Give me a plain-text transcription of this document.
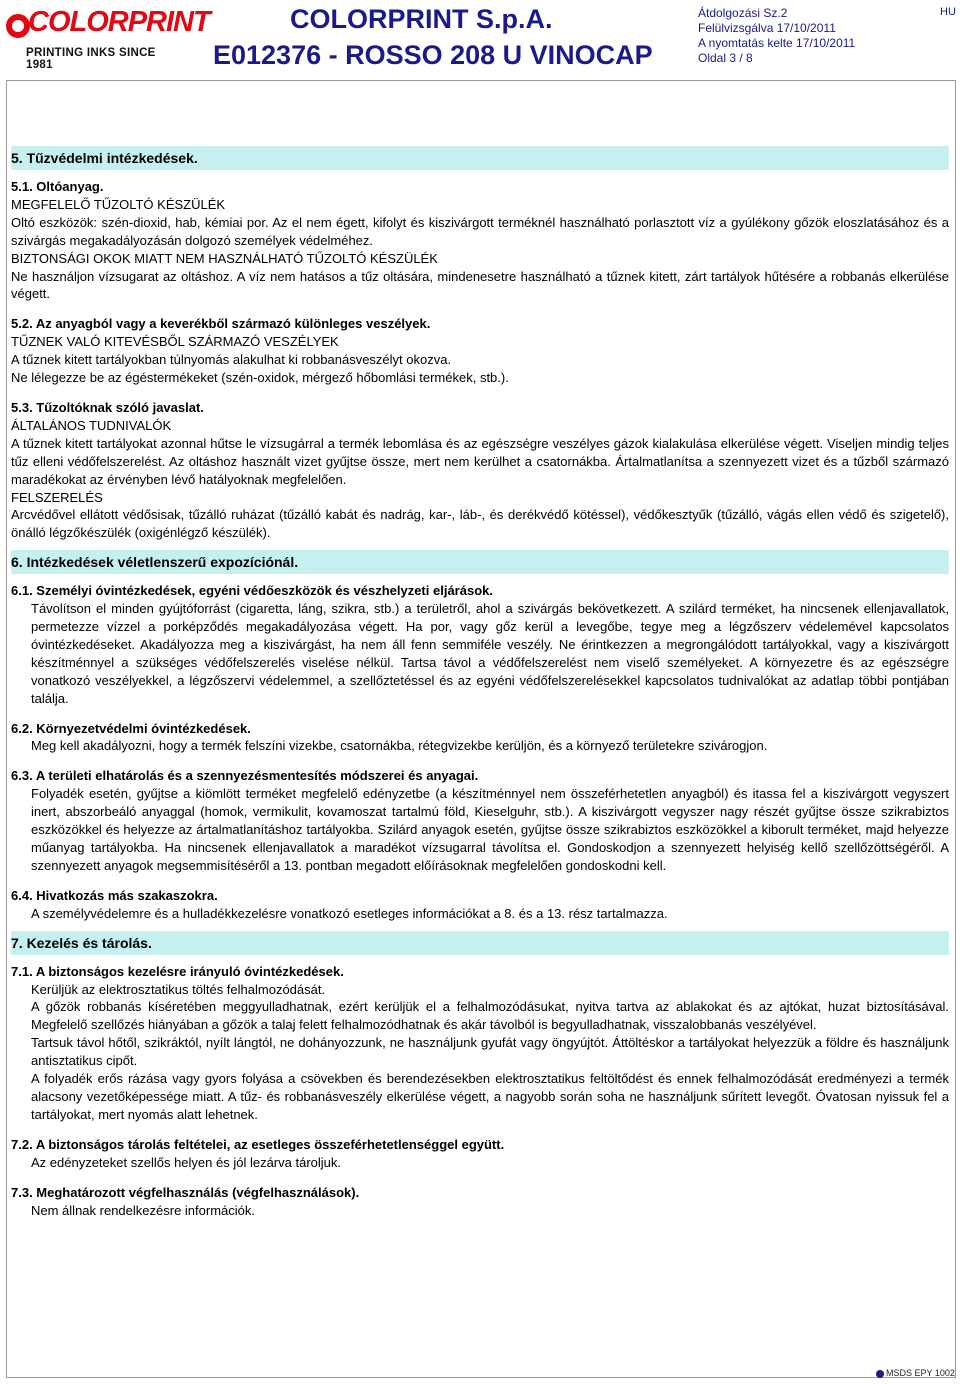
COLORPRINT
PRINTING INKS SINCE 1981
COLORPRINT S.p.A.
E012376 - ROSSO 208 U VINOCAP
Átdolgozási Sz.2
Felülvizsgálva 17/10/2011
A nyomtatás kelte 17/10/2011
Oldal 3 / 8
HU
5. Tűzvédelmi intézkedések.

5.1. Oltóanyag.

MEGFELELŐ TŰZOLTÓ KÉSZÜLÉK

Oltó eszközök: szén-dioxid, hab, kémiai por. Az el nem égett, kifolyt és kiszivárgott terméknél használható porlasztott víz a gyúlékony gőzök eloszlatásához és a szivárgás megakadályozásán dolgozó személyek védelméhez.

BIZTONSÁGI OKOK MIATT NEM HASZNÁLHATÓ TŰZOLTÓ KÉSZÜLÉK

Ne használjon vízsugarat az oltáshoz. A víz nem hatásos a tűz oltására, mindenesetre használható a tűznek kitett, zárt tartályok hűtésére a robbanás elkerülése végett.

5.2. Az anyagból vagy a keverékből származó különleges veszélyek.

TŰZNEK VALÓ KITEVÉSBŐL SZÁRMAZÓ VESZÉLYEK

A tűznek kitett tartályokban túlnyomás alakulhat ki robbanásveszélyt okozva.

Ne lélegezze be az égéstermékeket (szén-oxidok, mérgező hőbomlási termékek, stb.).

5.3. Tűzoltóknak szóló javaslat.

ÁLTALÁNOS TUDNIVALÓK

A tűznek kitett tartályokat azonnal hűtse le vízsugárral a termék lebomlása és az egészségre veszélyes gázok kialakulása elkerülése végett. Viseljen mindig teljes tűz elleni védőfelszerelést. Az oltáshoz használt vizet gyűjtse össze, mert nem kerülhet a csatornákba. Ártalmatlanítsa a szennyezett vizet és a tűzből származó maradékokat az érvényben lévő hatályoknak megfelelően.

FELSZERELÉS

Arcvédővel ellátott védősisak, tűzálló ruházat (tűzálló kabát és nadrág, kar-, láb-, és derékvédő kötéssel), védőkesztyűk (tűzálló, vágás ellen védő és szigetelő), önálló légzőkészülék (oxigénlégző készülék).

6. Intézkedések véletlenszerű expozíciónál.

6.1. Személyi óvintézkedések, egyéni védőeszközök és vészhelyzeti eljárások.

Távolítson el minden gyújtóforrást (cigaretta, láng, szikra, stb.) a területről, ahol a szivárgás bekövetkezett. A szilárd terméket, ha nincsenek ellenjavallatok, permetezze vízzel a porképződés megakadályozása végett. Ha por, vagy gőz kerül a levegőbe, tegye meg a légzőszerv védelemével kapcsolatos óvintézkedéseket. Akadályozza meg a kiszivárgást, ha nem áll fenn semmiféle veszély. Ne érintkezzen a megrongálódott tartályokkal, vagy a kiszivárgott készítménnyel a szükséges védőfelszerelés viselése nélkül. Tartsa távol a védőfelszerelést nem viselő személyeket. A környezetre és az egészségre vonatkozó veszélyekkel, a légzőszervi védelemmel, a szellőztetéssel és az egyéni védőfelszerelésekkel kapcsolatos tudnivalókat az adatlap többi pontjában találja.

6.2. Környezetvédelmi óvintézkedések.

Meg kell akadályozni, hogy a termék felszíni vizekbe, csatornákba, rétegvizekbe kerüljön, és a környező területekre szivárogjon.

6.3. A területi elhatárolás és a szennyezésmentesítés módszerei és anyagai.

Folyadék esetén, gyűjtse a kiömlött terméket megfelelő edényzetbe (a készítménnyel nem összeférhetetlen anyagból) és itassa fel a kiszivárgott vegyszert inert, abszorbeáló anyaggal (homok, vermikulit, kovamoszat tartalmú föld, Kieselguhr, stb.). A kiszivárgott vegyszer nagy részét gyűjtse össze szikrabiztos eszközökkel és helyezze az ártalmatlanításhoz tartályokba. Szilárd anyagok esetén, gyűjtse össze szikrabiztos eszközökkel a kiborult terméket, majd helyezze műanyag tartályokba. Ha nincsenek ellenjavallatok a maradékot vízsugarral távolítsa el. Gondoskodjon a szennyezett helyiség kellő szellőzöttségéről. A szennyezett anyagok megsemmisítéséről a 13. pontban megadott előírásoknak megfelelően gondoskodni kell.

6.4. Hivatkozás más szakaszokra.

A személyvédelemre és a hulladékkezelésre vonatkozó esetleges információkat a 8. és a 13. rész tartalmazza.

7. Kezelés és tárolás.

7.1. A biztonságos kezelésre irányuló óvintézkedések.

Kerüljük az elektrosztatikus töltés felhalmozódását.

A gőzök robbanás kíséretében meggyulladhatnak, ezért kerüljük el a felhalmozódásukat, nyitva tartva az ablakokat és az ajtókat, huzat biztosításával. Megfelelő szellőzés hiányában a gőzök a talaj felett felhalmozódhatnak és akár távolból is begyulladhatnak, visszalobbanás veszélyével.

Tartsuk távol hőtől, szikráktól, nyílt lángtól, ne dohányozzunk, ne használjunk gyufát vagy öngyújtót. Áttöltéskor a tartályokat helyezzük a földre és használjunk antisztatikus cipőt.

A folyadék erős rázása vagy gyors folyása a csövekben és berendezésekben elektrosztatikus feltöltődést és ennek felhalmozódását eredményezi a termék alacsony vezetőképessége miatt. A tűz- és robbanásveszély elkerülése végett, a nagyobb során soha ne használjunk sűrített levegőt. Óvatosan nyissuk fel a tartályokat, mert nyomás alatt lehetnek.

7.2. A biztonságos tárolás feltételei, az esetleges összeférhetetlenséggel együtt.

Az edényzeteket szellős helyen és jól lezárva tároljuk.

7.3. Meghatározott végfelhasználás (végfelhasználások).

Nem állnak rendelkezésre információk.

MSDS EPY 1002
